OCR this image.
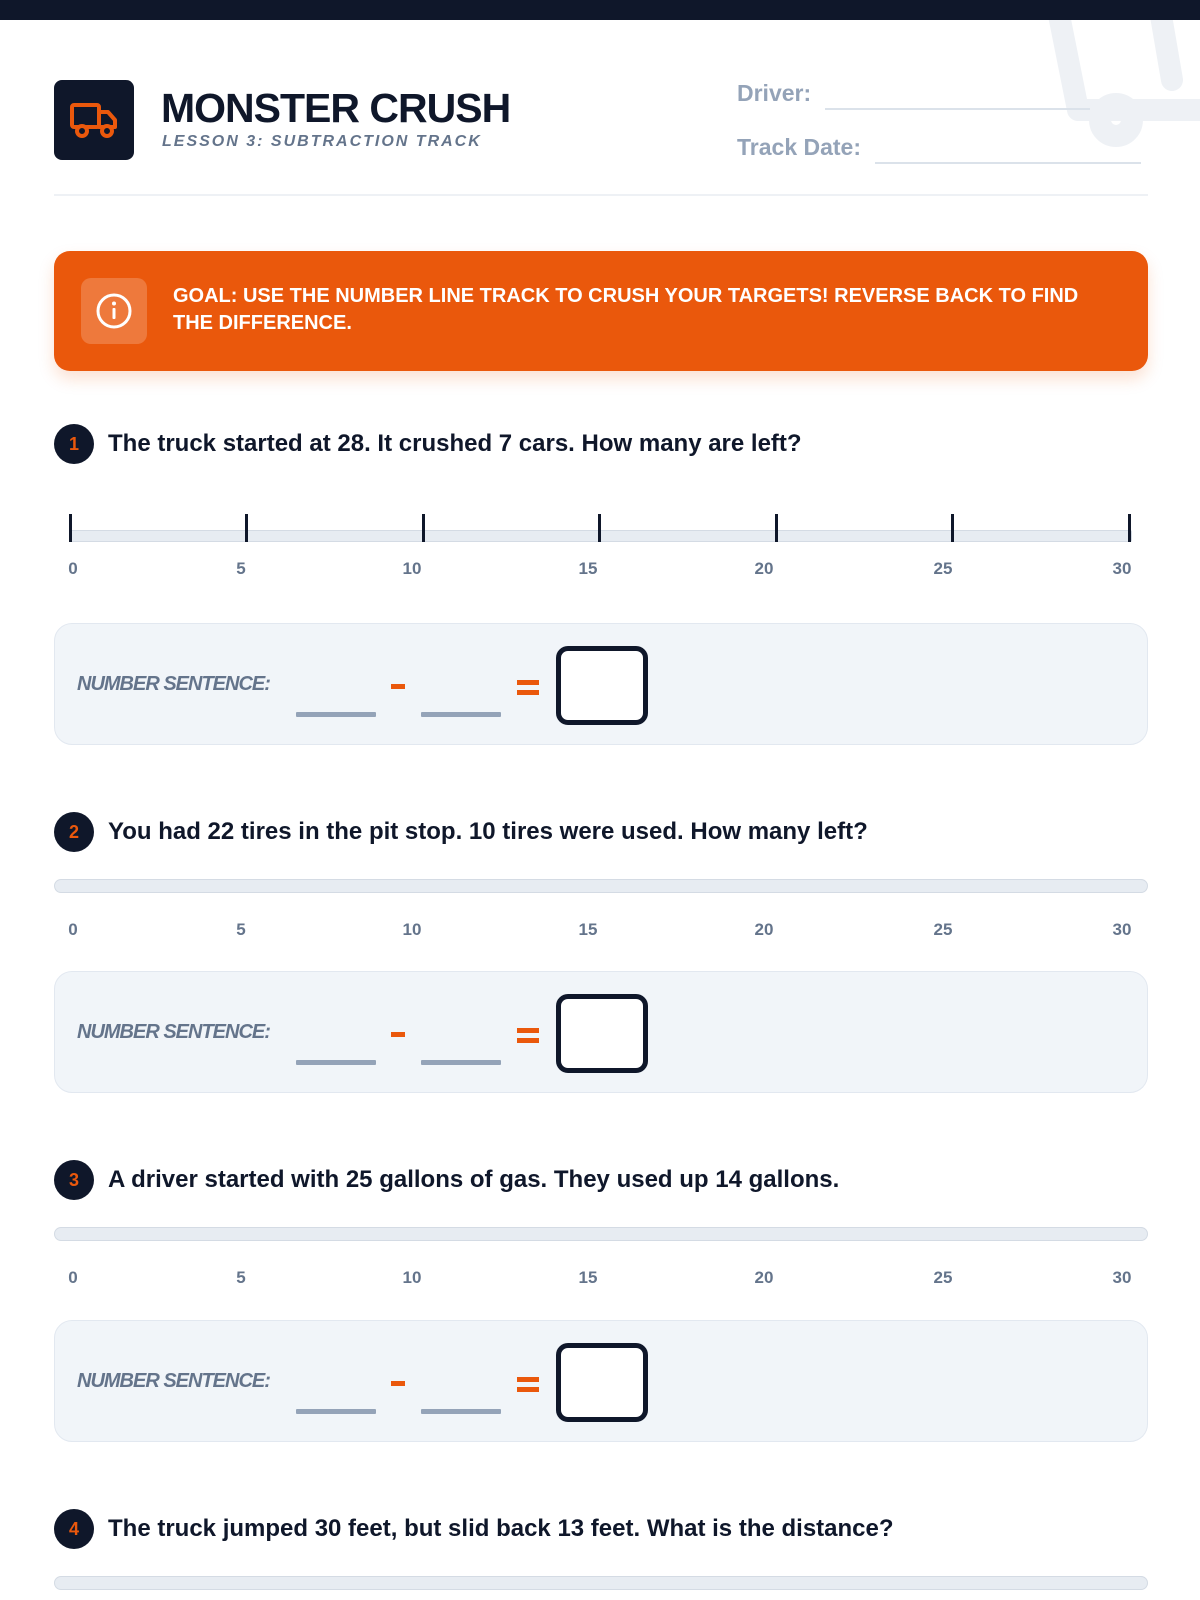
MONSTER CRUSH
LESSON 3: SUBTRACTION TRACK
Driver:
Track Date:
GOAL: USE THE NUMBER LINE TRACK TO CRUSH YOUR TARGETS! REVERSE BACK TO FIND THE DIFFERENCE.
1	The truck started at 28. It crushed 7 cars. How many are left?
0	5	10	15	20	25	30
NUMBER SENTENCE:
2	You had 22 tires in the pit stop. 10 tires were used. How many left?
0	5	10	15	20	25	30
NUMBER SENTENCE:
3	A driver started with 25 gallons of gas. They used up 14 gallons.
0	5	10	15	20	25	30
NUMBER SENTENCE:
4	The truck jumped 30 feet, but slid back 13 feet. What is the distance?
